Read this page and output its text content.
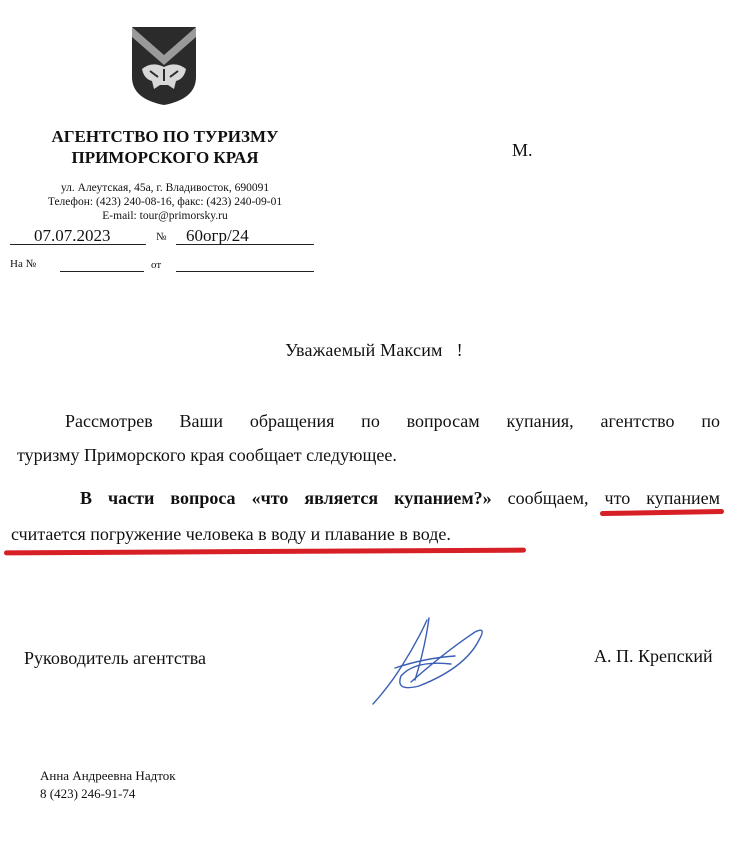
АГЕНТСТВО ПО ТУРИЗМУ
ПРИМОРСКОГО КРАЯ
ул. Алеутская, 45а, г. Владивосток, 690091
Телефон: (423) 240-08-16, факс: (423) 240-09-01
E-mail: tour@primorsky.ru
07.07.2023	№ 60огр/24
На №	от
М.
Уважаемый Максим !
Рассмотрев Ваши обращения по вопросам купания, агентство по
туризму Приморского края сообщает следующее.
В части вопроса «что является купанием?» сообщаем, что купанием
считается погружение человека в воду и плавание в воде.
Руководитель агентства	А. П. Крепский
Анна Андреевна Надток
8 (423) 246-91-74
